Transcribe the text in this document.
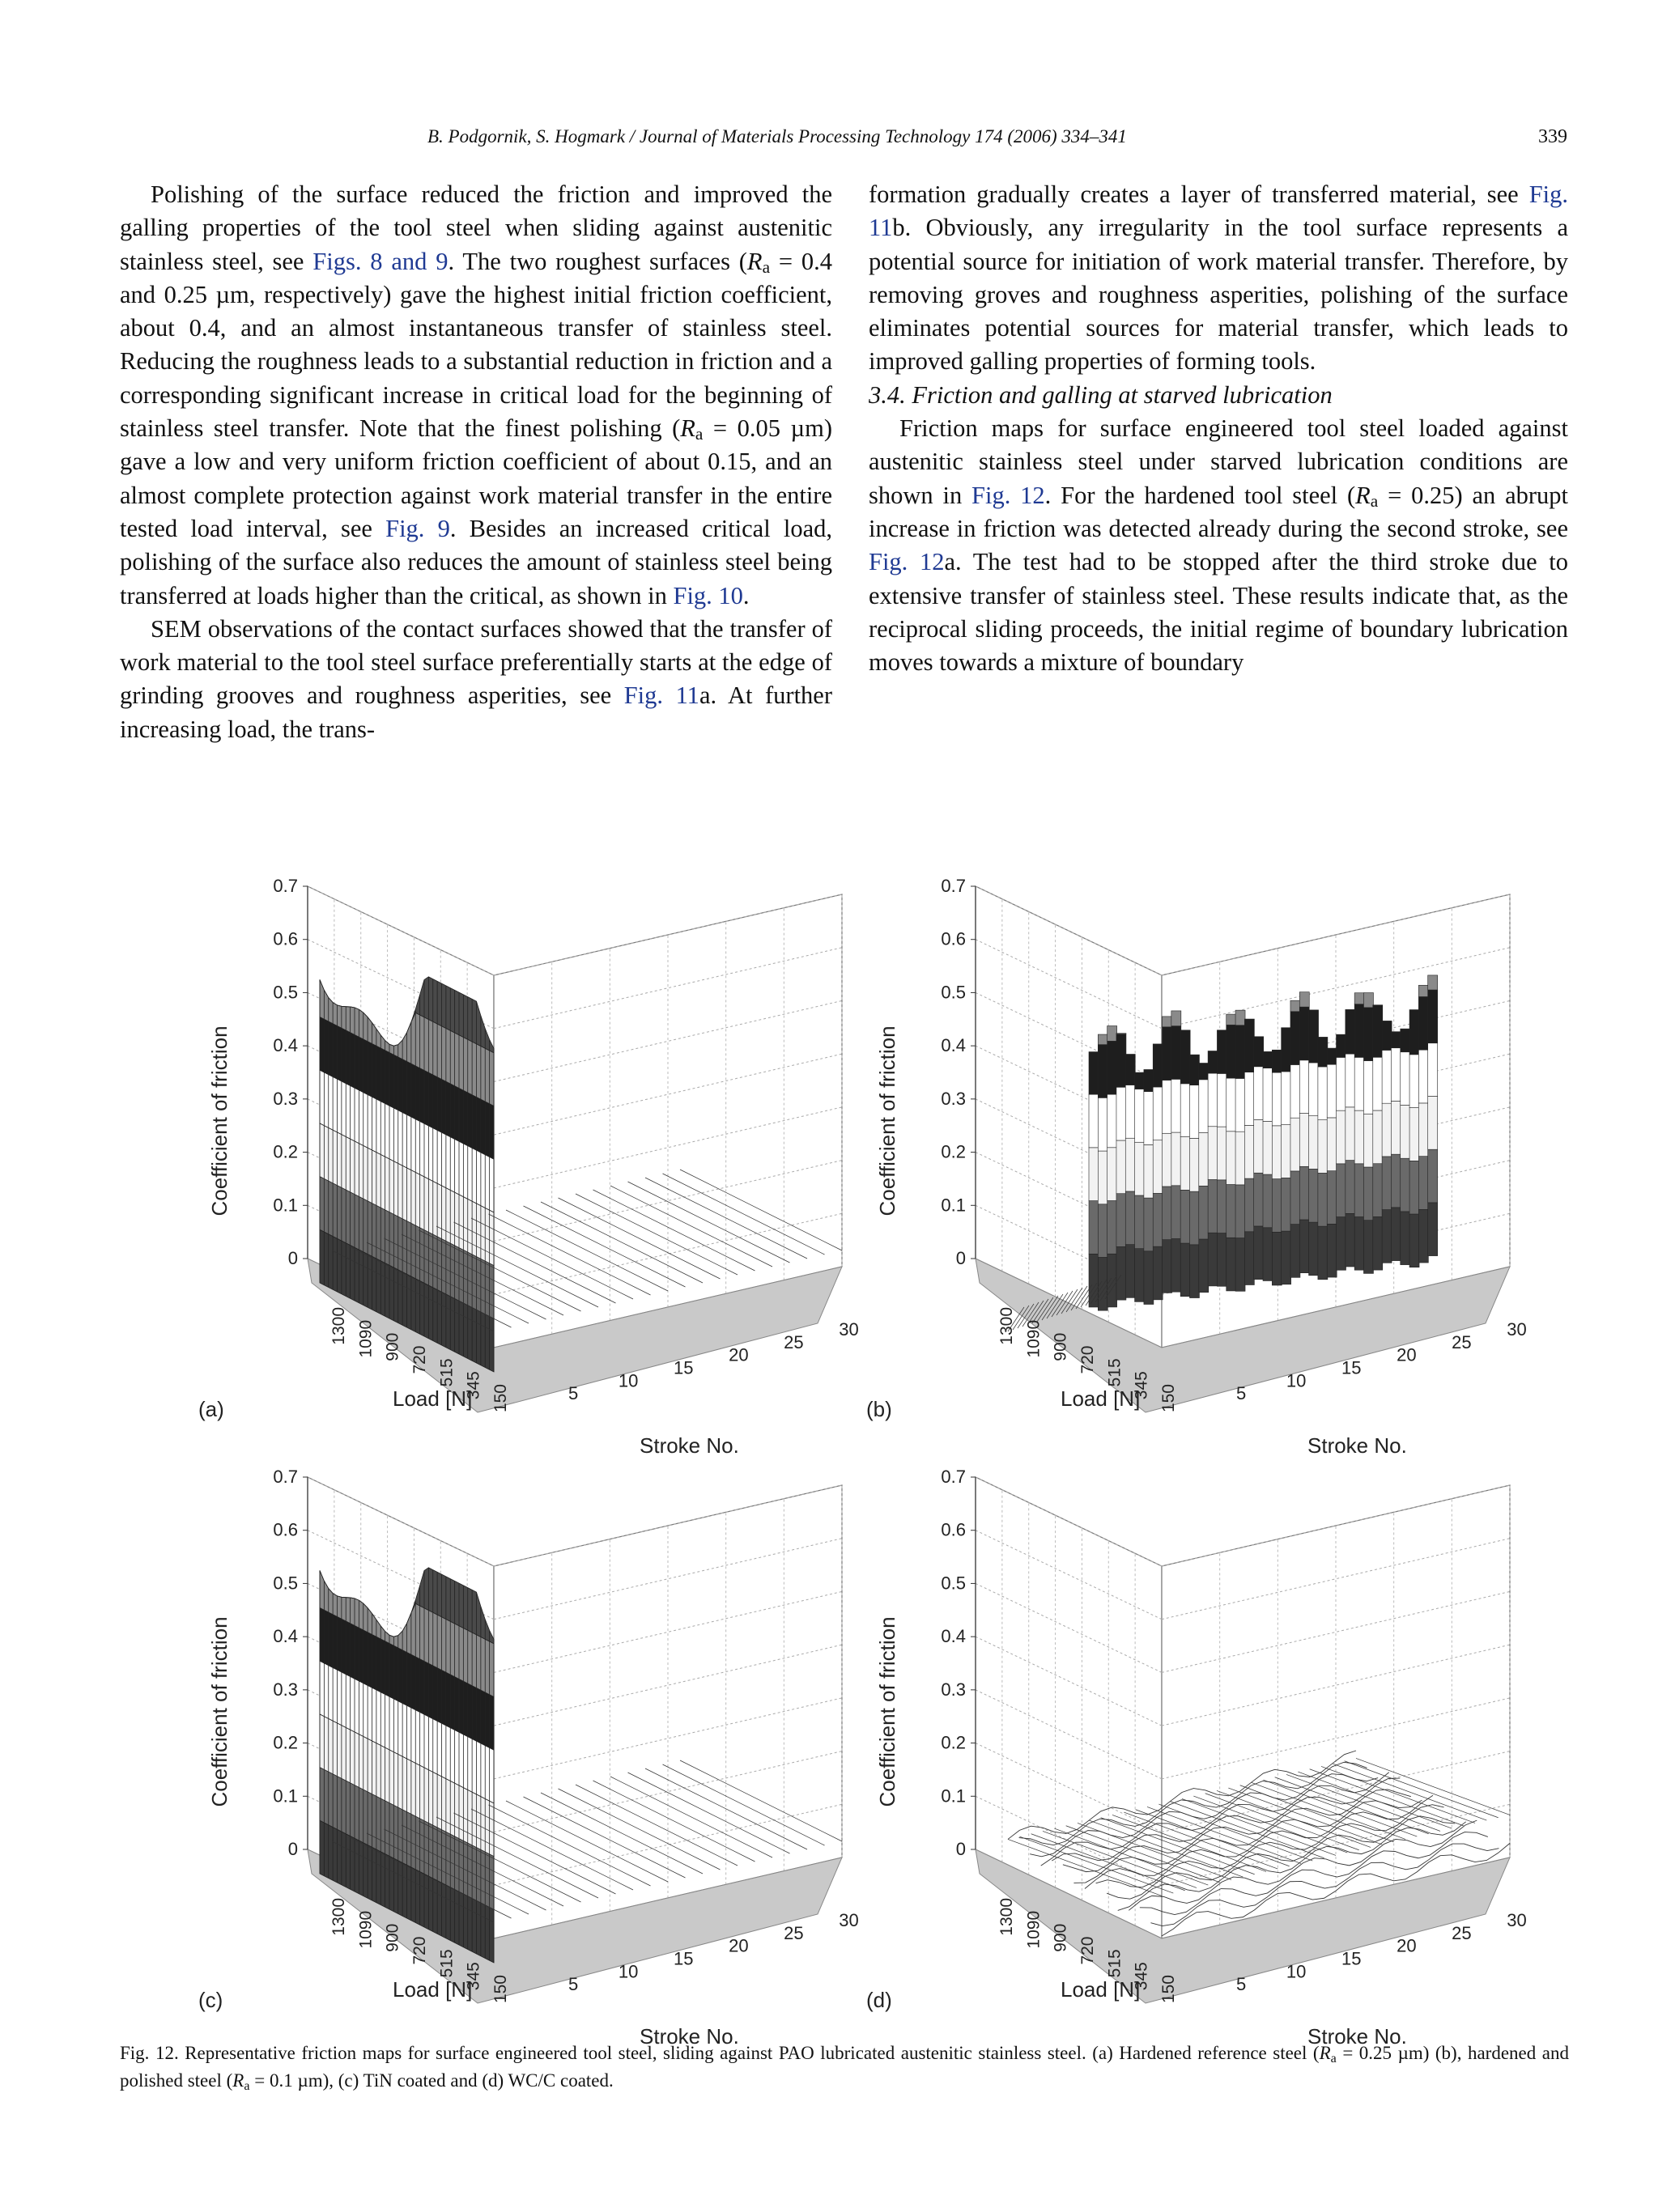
B. Podgornik, S. Hogmark / Journal of Materials Processing Technology 174 (2006) 334–341	339

Polishing of the surface reduced the friction and improved the galling properties of the tool steel when sliding against austenitic stainless steel, see Figs. 8 and 9. The two roughest surfaces ($R_a = 0.4$ and 0.25 µm, respectively) gave the highest initial friction coefficient, about 0.4, and an almost instantaneous transfer of stainless steel. Reducing the roughness leads to a substantial reduction in friction and a corresponding significant increase in critical load for the beginning of stainless steel transfer. Note that the finest polishing ($R_a = 0.05$ µm) gave a low and very uniform friction coefficient of about 0.15, and an almost complete protection against work material transfer in the entire tested load interval, see Fig. 9. Besides an increased critical load, polishing of the surface also reduces the amount of stainless steel being transferred at loads higher than the critical, as shown in Fig. 10.

SEM observations of the contact surfaces showed that the transfer of work material to the tool steel surface preferentially starts at the edge of grinding grooves and roughness asperities, see Fig. 11a. At further increasing load, the trans-

formation gradually creates a layer of transferred material, see Fig. 11b. Obviously, any irregularity in the tool surface represents a potential source for initiation of work material transfer. Therefore, by removing groves and roughness asperities, polishing of the surface eliminates potential sources for material transfer, which leads to improved galling properties of forming tools.

3.4. Friction and galling at starved lubrication

Friction maps for surface engineered tool steel loaded against austenitic stainless steel under starved lubrication conditions are shown in Fig. 12. For the hardened tool steel $(R_a = 0.25)$ an abrupt increase in friction was detected already during the second stroke, see Fig. 12a. The test had to be stopped after the third stroke due to extensive transfer of stainless steel. These results indicate that, as the reciprocal sliding proceeds, the initial regime of boundary lubrication moves towards a mixture of boundary

0.7
0.6
0.5
0.4
0.3
0.2
0.1
0
Coefficient of friction
1300 1090 900 720 515 345 150
Load [N]	5
10
15
20
25
30
Stroke No.
(a)
0.7
0.6
0.5
0.4
0.3
0.2
0.1
0
Coefficient of friction
1300 1090 900 720 515 345 150
Load [N]	5
10
15
20
25
30
Stroke No.
(b)
0.7
0.6
0.5
0.4
0.3
0.2
0.1
0
Coefficient of friction
1300 1090 900 720 515 345 150
Load [N]	5
10
15
20
25
30
Stroke No.
(c)
0.7
0.6
0.5
0.4
0.3
0.2
0.1
0
Coefficient of friction
1300 1090 900 720 515 345 150
Load [N]	5
10
15
20
25
30
Stroke No.
(d)

Fig. 12. Representative friction maps for surface engineered tool steel, sliding against PAO lubricated austenitic stainless steel. (a) Hardened reference steel ($R_a = 0.25$ µm) (b), hardened and polished steel ($R_a = 0.1$ µm), (c) TiN coated and (d) WC/C coated.
